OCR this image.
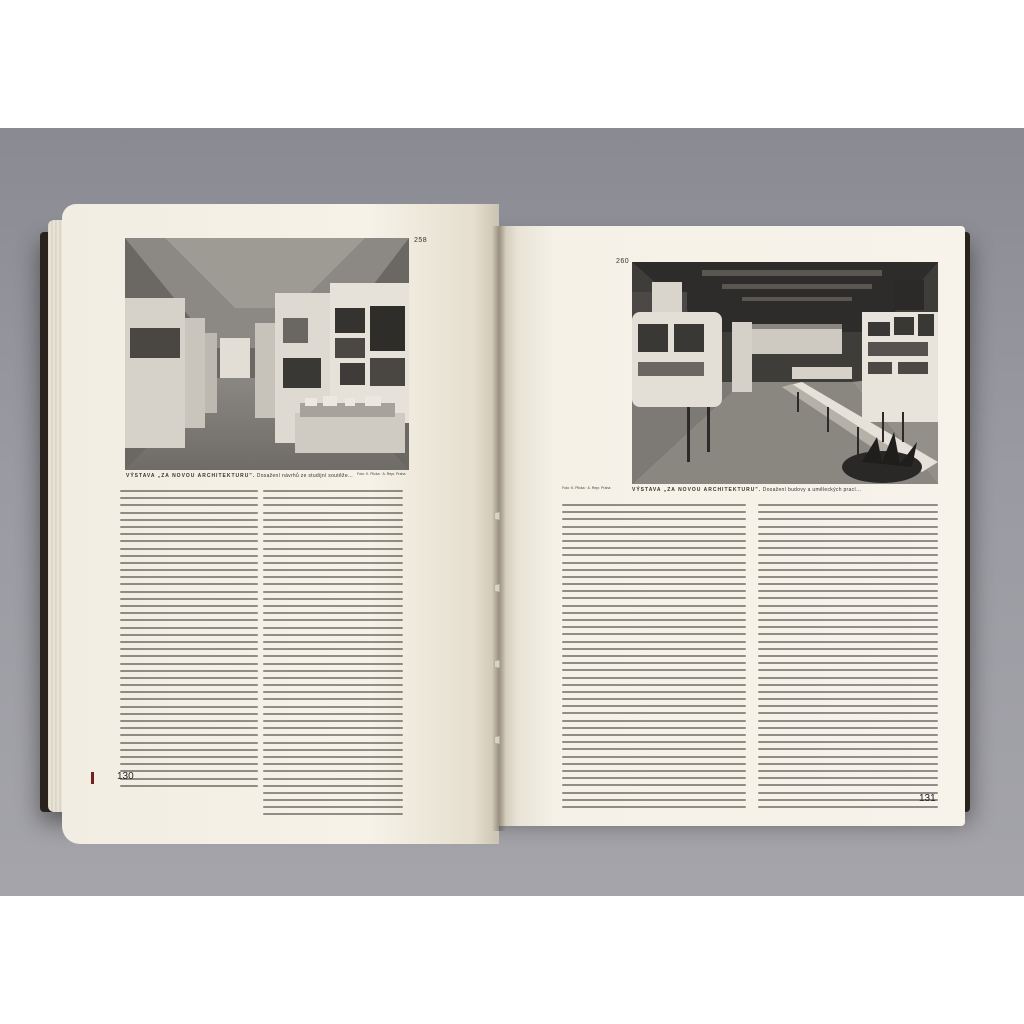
258
Foto: K. Plicka · A. Repr. Praha
VÝSTAVA „ZA NOVOU ARCHITEKTURU". Dosažení návrhů ze studijní soutěže…
130
260
Foto: K. Plicka · A. Repr. Praha	VÝSTAVA „ZA NOVOU ARCHITEKTURU". Dosažení budovy a uměleckých prací…
131
